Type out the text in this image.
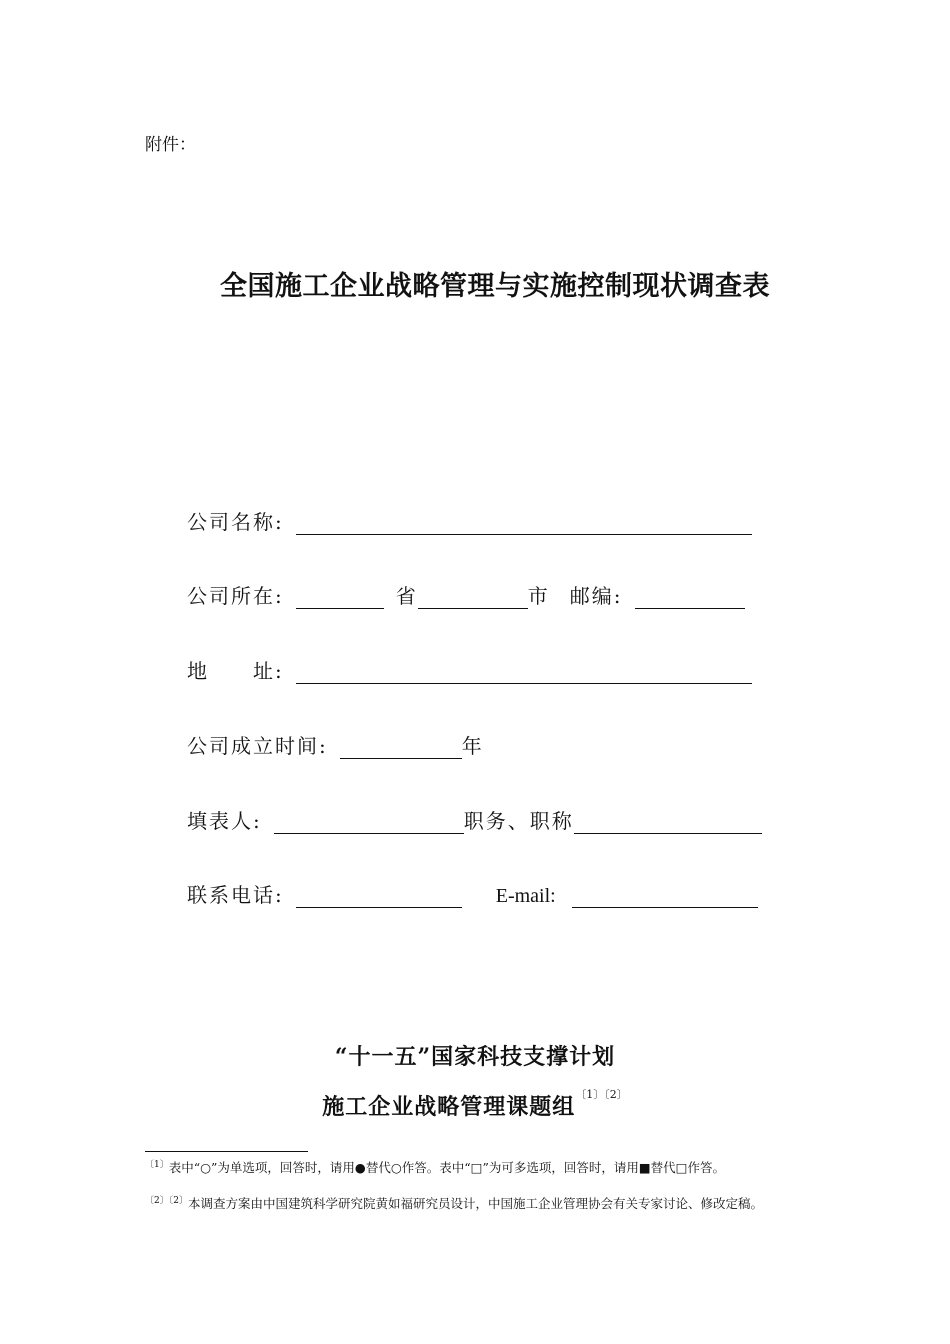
附件：
全国施工企业战略管理与实施控制现状调查表
公司名称:
公司所在:	省	市 邮编:
地　　址:
公司成立时间:	年
填表人:	职务、职称
联系电话:	E-mail:
“十一五”国家科技支撑计划
施工企业战略管理课题组$^{〔1〕〔2〕}$
$^{〔1〕}$表中“○”为单选项，回答时，请用●替代○作答。表中“□”为可多选项，回答时，请用■替代□作答。
$^{〔2〕〔2〕}$本调查方案由中国建筑科学研究院黄如福研究员设计，中国施工企业管理协会有关专家讨论、修改定稿。
